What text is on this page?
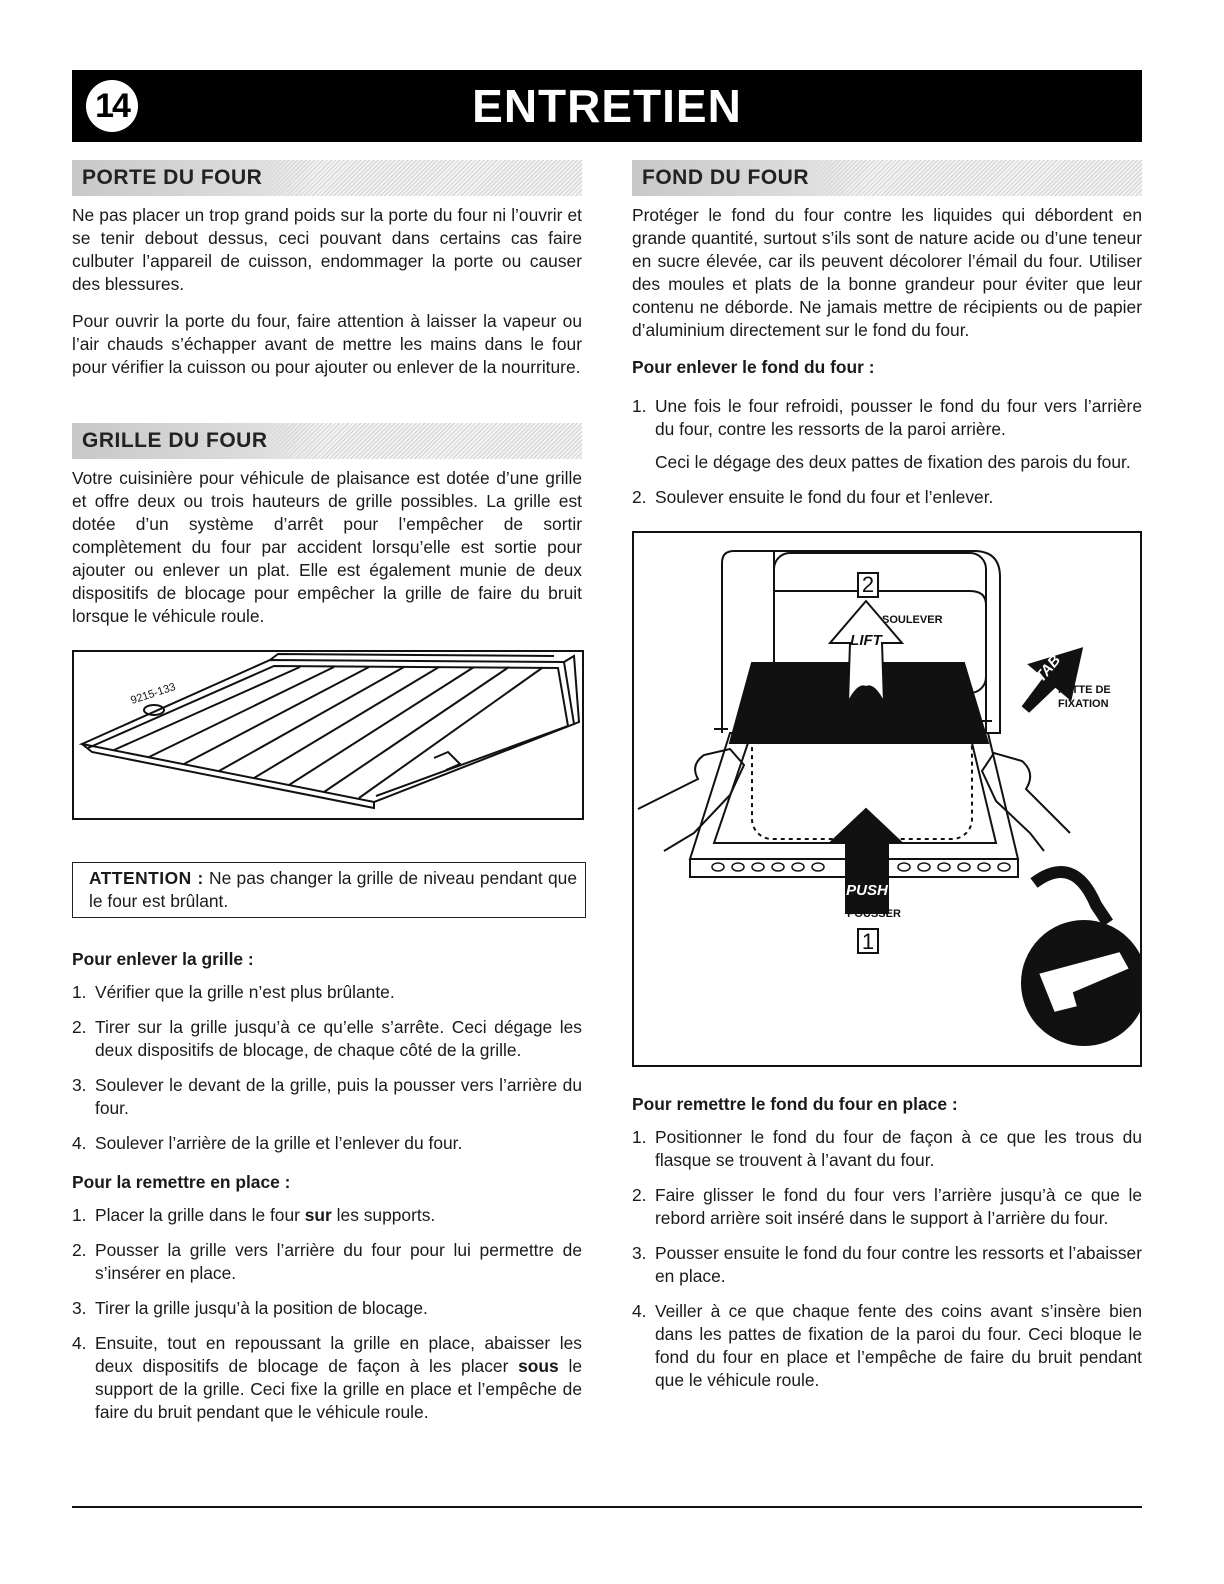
14	ENTRETIEN
PORTE DU FOUR

Ne pas placer un trop grand poids sur la porte du four ni l’ouvrir et se tenir debout dessus, ceci pouvant dans certains cas faire culbuter l’appareil de cuisson, endommager la porte ou causer des blessures.

Pour ouvrir la porte du four, faire attention à laisser la vapeur ou l’air chauds s’échapper avant de mettre les mains dans le four pour vérifier la cuisson ou pour ajouter ou enlever de la nourriture.

GRILLE DU FOUR

Votre cuisinière pour véhicule de plaisance est dotée d’une grille et offre deux ou trois hauteurs de grille possibles. La grille est dotée d’un système d’arrêt pour l’empêcher de sortir complètement du four par accident lorsqu’elle est sortie pour ajouter ou enlever un plat. Elle est également munie de deux dispositifs de blocage pour empêcher la grille de faire du bruit lorsque le véhicule roule.

9215-133
ATTENTION : Ne pas changer la grille de niveau pendant que le four est brûlant.
Pour enlever la grille :
1. Vérifier que la grille n’est plus brûlante.
2. Tirer sur la grille jusqu’à ce qu’elle s’arrête. Ceci dégage les deux dispositifs de blocage, de chaque côté de la grille.
3. Soulever le devant de la grille, puis la pousser vers l’arrière du four.
4. Soulever l’arrière de la grille et l’enlever du four.
Pour la remettre en place :
1. Placer la grille dans le four sur les supports.
2. Pousser la grille vers l’arrière du four pour lui permettre de s’insérer en place.
3. Tirer la grille jusqu’à la position de blocage.
4. Ensuite, tout en repoussant la grille en place, abaisser les deux dispositifs de blocage de façon à les placer sous le support de la grille. Ceci fixe la grille en place et l’empêche de faire du bruit pendant que le véhicule roule.
FOND DU FOUR

Protéger le fond du four contre les liquides qui débordent en grande quantité, surtout s’ils sont de nature acide ou d’une teneur en sucre élevée, car ils peuvent décolorer l’émail du four. Utiliser des moules et plats de la bonne grandeur pour éviter que leur contenu ne déborde. Ne jamais mettre de récipients ou de papier d’aluminium directement sur le fond du four.

Pour enlever le fond du four :
1. Une fois le four refroidi, pousser le fond du four vers l’arrière du four, contre les ressorts de la paroi arrière.
Ceci le dégage des deux pattes de fixation des parois du four.
2. Soulever ensuite le fond du four et l’enlever.
2
SOULEVER
LIFT
TAB
PATTE DE
FIXATION
PUSH
POUSSER
1
Pour remettre le fond du four en place :
1. Positionner le fond du four de façon à ce que les trous du flasque se trouvent à l’avant du four.
2. Faire glisser le fond du four vers l’arrière jusqu’à ce que le rebord arrière soit inséré dans le support à l’arrière du four.
3. Pousser ensuite le fond du four contre les ressorts et l’abaisser en place.
4. Veiller à ce que chaque fente des coins avant s’insère bien dans les pattes de fixation de la paroi du four. Ceci bloque le fond du four en place et l’empêche de faire du bruit pendant que le véhicule roule.
